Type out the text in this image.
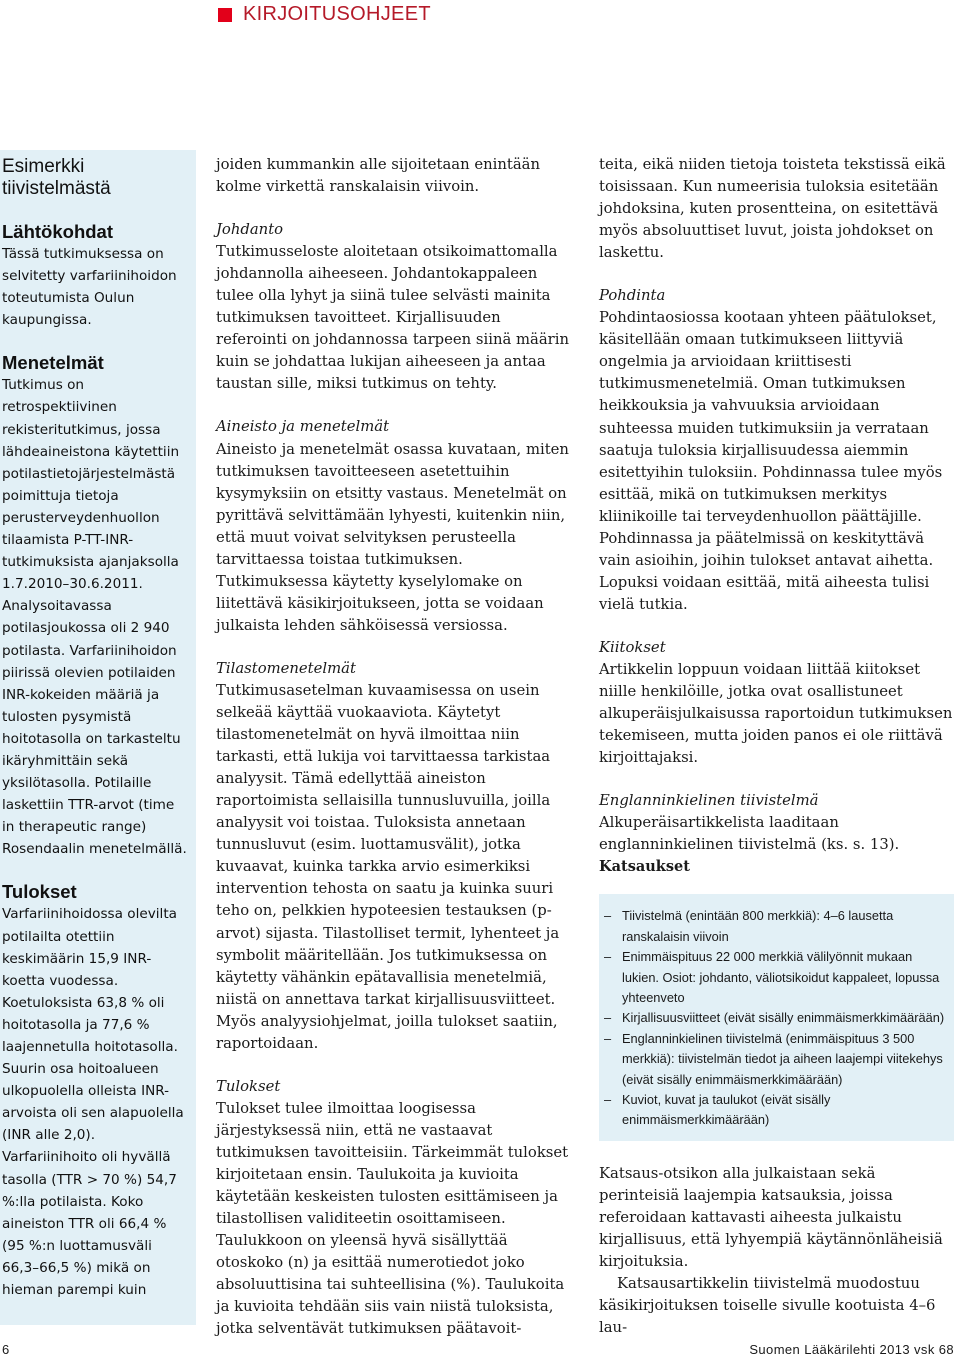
KIRJOITUSOHJEET
Esimerkki tiivistelmästä
Lähtökohdat

Tässä tutkimuksessa on selvitetty varfariinihoidon toteutumista Oulun kaupungissa.

Menetelmät

Tutkimus on retrospektiivinen rekisteritutkimus, jossa lähdeaineistona käytettiin potilastietojärjestelmästä poimittuja tietoja perusterveydenhuollon tilaamista P-TT-INR-tutkimuksista ajanjaksolla 1.7.2010–30.6.2011. Analysoitavassa potilasjoukossa oli 2 940 potilasta. Varfariinihoidon piirissä olevien potilaiden INR-kokeiden määriä ja tulosten pysymistä hoitotasolla on tarkasteltu ikäryhmittäin sekä yksilötasolla. Potilaille laskettiin TTR-arvot (time in therapeutic range) Rosendaalin menetelmällä.

Tulokset

Varfariinihoidossa olevilta potilailta otettiin keskimäärin 15,9 INR-koetta vuodessa. Koetuloksista 63,8 % oli hoitotasolla ja 77,6 % laajennetulla hoitotasolla. Suurin osa hoitoalueen ulkopuolella olleista INR-arvoista oli sen alapuolella (INR alle 2,0). Varfariinihoito oli hyvällä tasolla (TTR > 70 %) 54,7 %:lla potilaista. Koko aineiston TTR oli 66,4 % (95 %:n luottamusväli 66,3–66,5 %) mikä on hieman parempi kuin

joiden kummankin alle sijoitetaan enintään kolme virkettä ranskalaisin viivoin.

Johdanto

Tutkimusseloste aloitetaan otsikoimattomalla johdannolla aiheeseen. Johdantokappaleen tulee olla lyhyt ja siinä tulee selvästi mainita tutkimuksen tavoitteet. Kirjallisuuden referointi on johdannossa tarpeen siinä määrin kuin se johdattaa lukijan aiheeseen ja antaa taustan sille, miksi tutkimus on tehty.

Aineisto ja menetelmät

Aineisto ja menetelmät osassa kuvataan, miten tutkimuksen tavoitteeseen asetettuihin kysymyksiin on etsitty vastaus. Menetelmät on pyrittävä selvittämään lyhyesti, kuitenkin niin, että muut voivat selvityksen perusteella tarvittaessa toistaa tutkimuksen. Tutkimuksessa käytetty kyselylomake on liitettävä käsikirjoitukseen, jotta se voidaan julkaista lehden sähköisessä versiossa.

Tilastomenetelmät

Tutkimusasetelman kuvaamisessa on usein selkeää käyttää vuokaaviota. Käytetyt tilastomenetelmät on hyvä ilmoittaa niin tarkasti, että lukija voi tarvittaessa tarkistaa analyysit. Tämä edellyttää aineiston raportoimista sellaisilla tunnusluvuilla, joilla analyysit voi toistaa. Tuloksista annetaan tunnusluvut (esim. luottamusvälit), jotka kuvaavat, kuinka tarkka arvio esimerkiksi intervention tehosta on saatu ja kuinka suuri teho on, pelkkien hypoteesien testauksen (p-arvot) sijasta. Tilastolliset termit, lyhenteet ja symbolit määritellään. Jos tutkimuksessa on käytetty vähänkin epätavallisia menetelmiä, niistä on annettava tarkat kirjallisuusviitteet. Myös analyysiohjelmat, joilla tulokset saatiin, raportoidaan.

Tulokset

Tulokset tulee ilmoittaa loogisessa järjestyksessä niin, että ne vastaavat tutkimuksen tavoitteisiin. Tärkeimmät tulokset kirjoitetaan ensin. Taulukoita ja kuvioita käytetään keskeisten tulosten esittämiseen ja tilastollisen validiteetin osoittamiseen. Taulukkoon on yleensä hyvä sisällyttää otoskoko (n) ja esittää numerotiedot joko absoluuttisina tai suhteellisina (%). Taulukoita ja kuvioita tehdään siis vain niistä tuloksista, jotka selventävät tutkimuksen päätavoit-

teita, eikä niiden tietoja toisteta tekstissä eikä toisissaan. Kun numeerisia tuloksia esitetään johdoksina, kuten prosentteina, on esitettävä myös absoluuttiset luvut, joista johdokset on laskettu.

Pohdinta

Pohdintaosiossa kootaan yhteen päätulokset, käsitellään omaan tutkimukseen liittyviä ongelmia ja arvioidaan kriittisesti tutkimusmenetelmiä. Oman tutkimuksen heikkouksia ja vahvuuksia arvioidaan suhteessa muiden tutkimuksiin ja verrataan saatuja tuloksia kirjallisuudessa aiemmin esitettyihin tuloksiin. Pohdinnassa tulee myös esittää, mikä on tutkimuksen merkitys kliinikoille tai terveydenhuollon päättäjille. Pohdinnassa ja päätelmissä on keskityttävä vain asioihin, joihin tulokset antavat aihetta. Lopuksi voidaan esittää, mitä aiheesta tulisi vielä tutkia.

Kiitokset

Artikkelin loppuun voidaan liittää kiitokset niille henkilöille, jotka ovat osallistuneet alkuperäisjulkaisussa raportoidun tutkimuksen tekemiseen, mutta joiden panos ei ole riittävä kirjoittajaksi.

Englanninkielinen tiivistelmä

Alkuperäisartikkelista laaditaan englanninkielinen tiivistelmä (ks. s. 13).

Katsaukset

– Tiivistelmä (enintään 800 merkkiä): 4–6 lausetta ranskalaisin viivoin
– Enimmäispituus 22 000 merkkiä välilyönnit mukaan lukien. Osiot: johdanto, väliotsikoidut kappaleet, lopussa yhteenveto
– Kirjallisuusviitteet (eivät sisälly enimmäismerkkimäärään)
– Englanninkielinen tiivistelmä (enimmäispituus 3 500 merkkiä): tiivistelmän tiedot ja aiheen laajempi viitekehys (eivät sisälly enimmäismerkkimäärään)
– Kuviot, kuvat ja taulukot (eivät sisälly enimmäismerkkimäärään)

Katsaus-otsikon alla julkaistaan sekä perinteisiä laajempia katsauksia, joissa referoidaan kattavasti aiheesta julkaistu kirjallisuus, että lyhyempiä käytännönläheisiä kirjoituksia.

Katsausartikkelin tiivistelmä muodostuu käsikirjoituksen toiselle sivulle kootuista 4–6 lau-

6	Suomen Lääkärilehti 2013 vsk 68
